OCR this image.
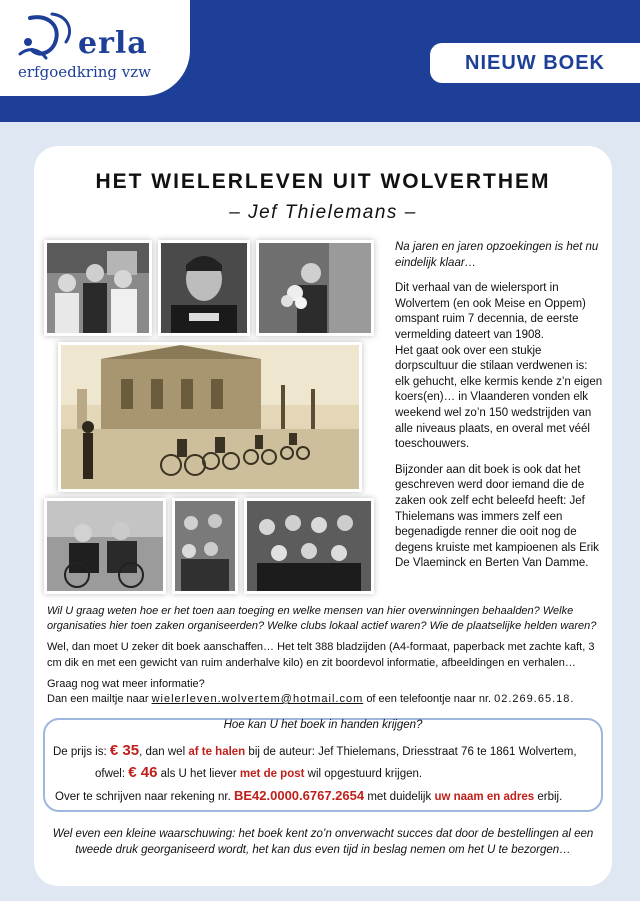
erla
erfgoedkring vzw	NIEUW BOEK
HET WIELERLEVEN UIT WOLVERTHEM
– Jef Thielemans –

Na jaren en jaren opzoekingen is het nu eindelijk klaar…

Dit verhaal van de wielersport in Wolvertem (en ook Meise en Oppem) omspant ruim 7 decennia, de eerste vermelding dateert van 1908.

Het gaat ook over een stukje dorpscultuur die stilaan verdwenen is: elk gehucht, elke kermis kende z’n eigen koers(en)… in Vlaanderen vonden elk weekend wel zo’n 150 wedstrijden van alle niveaus plaats, en overal met véél toeschouwers.

Bijzonder aan dit boek is ook dat het geschreven werd door iemand die de zaken ook zelf echt beleefd heeft: Jef Thielemans was immers zelf een begenadigde renner die ooit nog de degens kruiste met kampioenen als Erik De Vlaeminck en Berten Van Damme.

Wil U graag weten hoe er het toen aan toeging en welke mensen van hier overwinningen behaalden? Welke organisaties hier toen zaken organiseerden? Welke clubs lokaal actief waren? Wie de plaatselijke helden waren?

Wel, dan moet U zeker dit boek aanschaffen… Het telt 388 bladzijden (A4-formaat, paperback met zachte kaft, 3 cm dik en met een gewicht van ruim anderhalve kilo) en zit boordevol informatie, afbeeldingen en verhalen…

Graag nog wat meer informatie?
Dan een mailtje naar wielerleven.wolvertem@hotmail.com of een telefoontje naar nr. 02.269.65.18.

Hoe kan U het boek in handen krijgen?
De prijs is: € 35, dan wel af te halen bij de auteur: Jef Thielemans, Driesstraat 76 te 1861 Wolvertem,
ofwel: € 46 als U het liever met de post wil opgestuurd krijgen.
Over te schrijven naar rekening nr. BE42.0000.6767.2654 met duidelijk uw naam en adres erbij.
Wel even een kleine waarschuwing: het boek kent zo’n onverwacht succes dat door de bestellingen al een tweede druk georganiseerd wordt, het kan dus even tijd in beslag nemen om het U te bezorgen…
